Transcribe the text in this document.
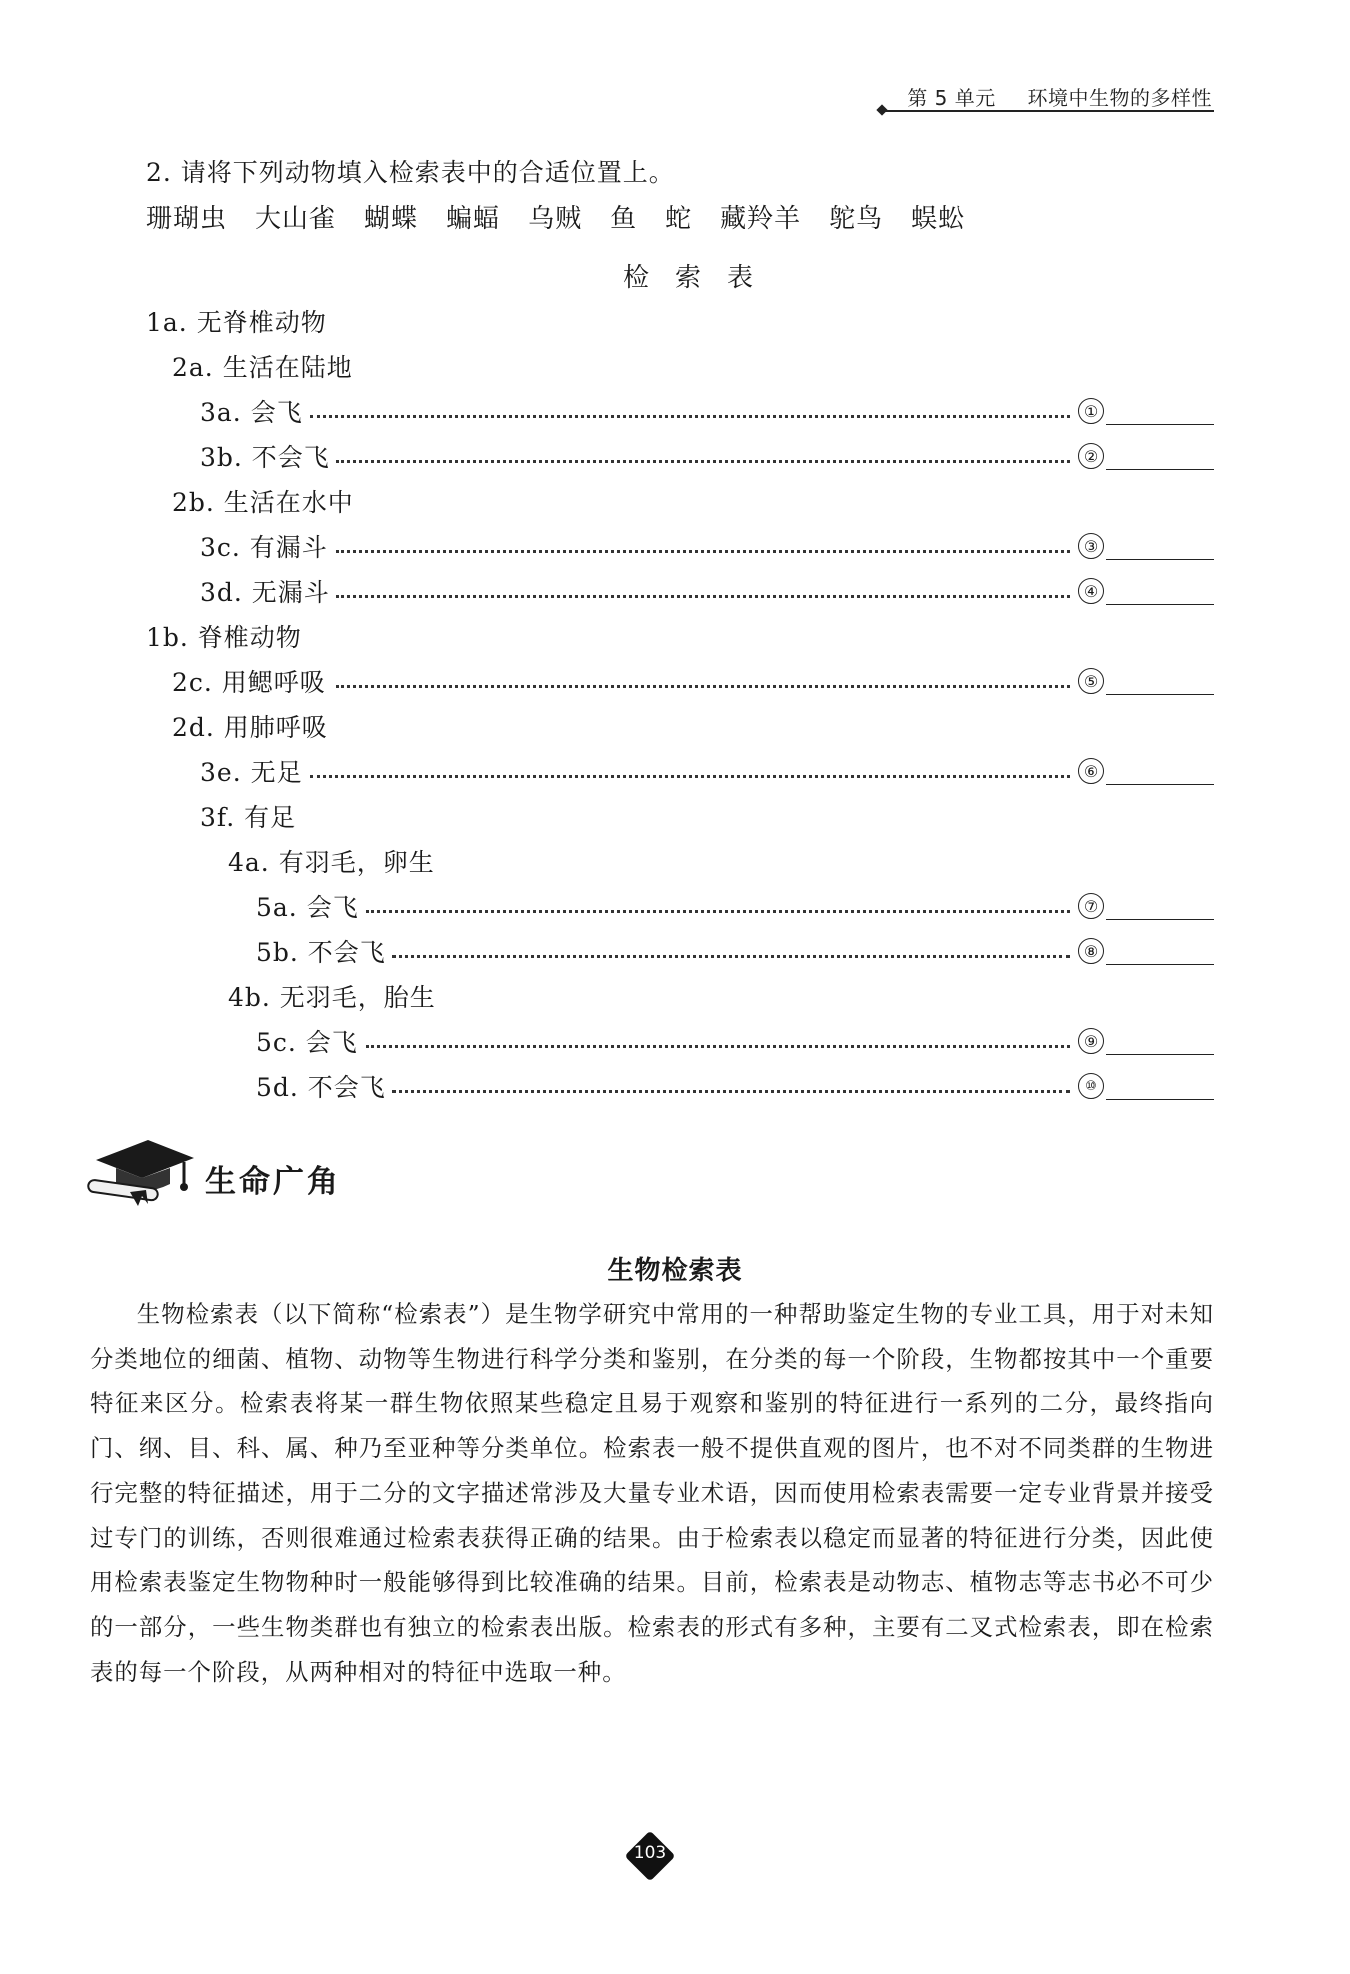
第 5 单元 环境中生物的多样性
2. 请将下列动物填入检索表中的合适位置上。
珊瑚虫 大山雀 蝴蝶 蝙蝠 乌贼 鱼 蛇 藏羚羊 鸵鸟 蜈蚣
检索表
1a. 无脊椎动物
2a. 生活在陆地
3a. 会飞	①
3b. 不会飞	②
2b. 生活在水中
3c. 有漏斗	③
3d. 无漏斗	④
1b. 脊椎动物
2c. 用鳃呼吸	⑤
2d. 用肺呼吸
3e. 无足	⑥
3f. 有足
4a. 有羽毛，卵生
5a. 会飞	⑦
5b. 不会飞	⑧
4b. 无羽毛，胎生
5c. 会飞	⑨
5d. 不会飞	⑩
生命广角
生物检索表

生物检索表（以下简称“检索表”）是生物学研究中常用的一种帮助鉴定生物的专业工具，用于对未知分类地位的细菌、植物、动物等生物进行科学分类和鉴别，在分类的每一个阶段，生物都按其中一个重要特征来区分。检索表将某一群生物依照某些稳定且易于观察和鉴别的特征进行一系列的二分，最终指向门、纲、目、科、属、种乃至亚种等分类单位。检索表一般不提供直观的图片，也不对不同类群的生物进行完整的特征描述，用于二分的文字描述常涉及大量专业术语，因而使用检索表需要一定专业背景并接受过专门的训练，否则很难通过检索表获得正确的结果。由于检索表以稳定而显著的特征进行分类，因此使用检索表鉴定生物物种时一般能够得到比较准确的结果。目前，检索表是动物志、植物志等志书必不可少的一部分，一些生物类群也有独立的检索表出版。检索表的形式有多种，主要有二叉式检索表，即在检索表的每一个阶段，从两种相对的特征中选取一种。

103
